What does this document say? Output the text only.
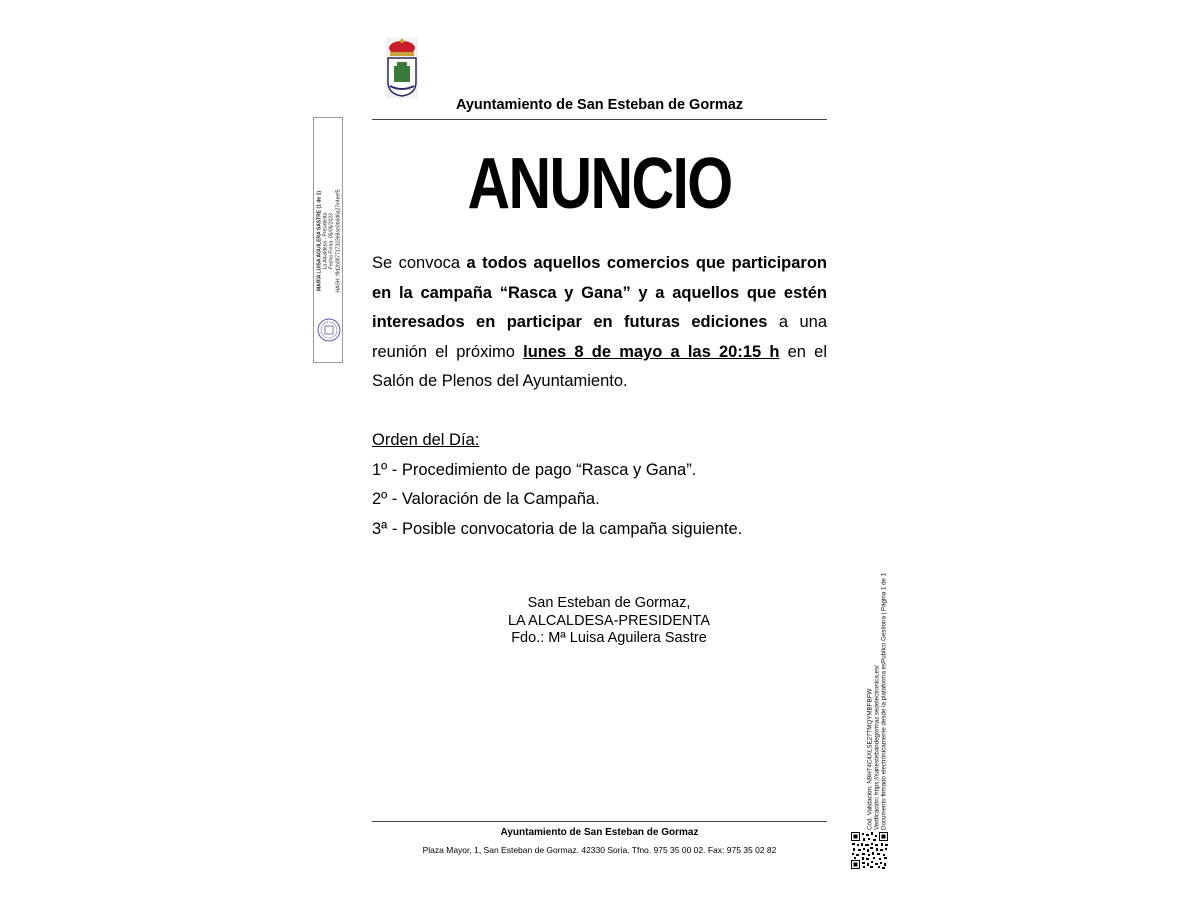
Ayuntamiento de San Esteban de Gormaz
ANUNCIO
Se convoca a todos aquellos comercios que participaron en la campaña “Rasca y Gana” y a aquellos que estén interesados en participar en futuras ediciones a una reunión el próximo lunes 8 de mayo a las 20:15 h en el Salón de Plenos del Ayuntamiento.
Orden del Día:
1º - Procedimiento de pago “Rasca y Gana”.
2º - Valoración de la Campaña.
3ª - Posible convocatoria de la campaña siguiente.
San Esteban de Gormaz,
LA ALCALDESA-PRESIDENTA
Fdo.: Mª Luisa Aguilera Sastre
Ayuntamiento de San Esteban de Gormaz
Plaza Mayor, 1, San Esteban de Gormaz. 42330 Soria. Tfno. 975 35 00 02. Fax: 975 35 02 82
MARÍA LUISA AGUILERA SASTRE (1 de 1) La Alcaldesa - Presidenta Fecha Firma: 05/05/2023 HASH: f9d2b087717323e8ae0b6d6a27e4eef5
Cód. Validación: N9HT4C4XLSE27TMQYMBFBFW Verificación: https://sanestebandegormaz.sedelectronica.es/ Documento firmado electrónicamente desde la plataforma esPublico Gestiona | Página 1 de 1
